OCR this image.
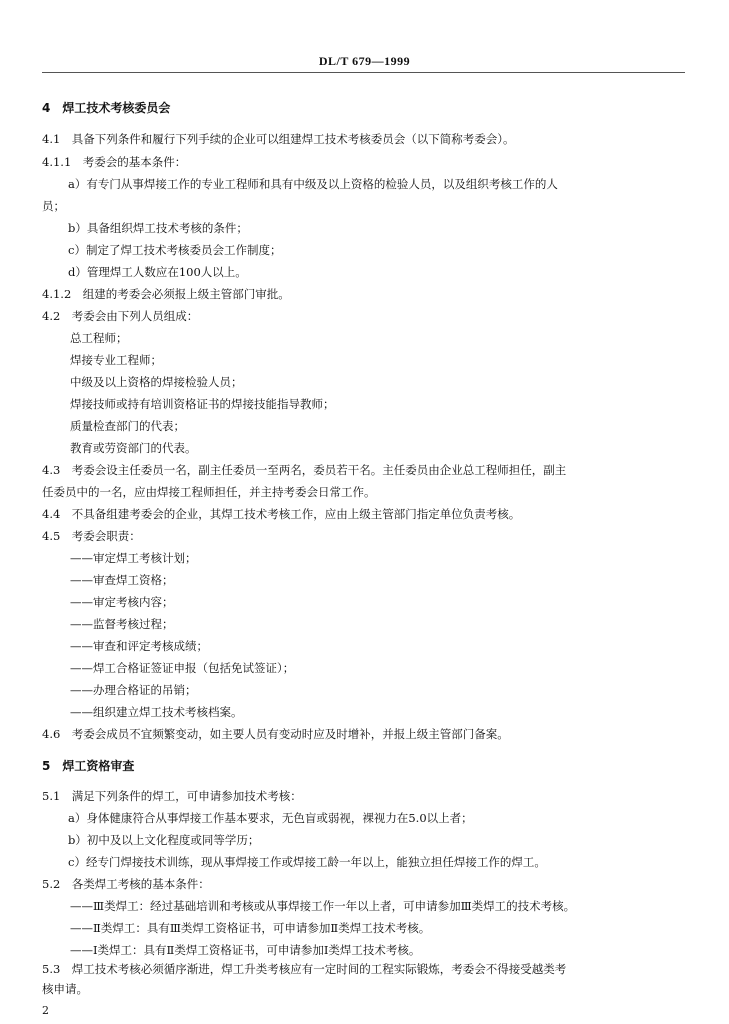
DL/T 679—1999
4　焊工技术考核委员会
4.1　具备下列条件和履行下列手续的企业可以组建焊工技术考核委员会（以下简称考委会）。
4.1.1　考委会的基本条件：
a）有专门从事焊接工作的专业工程师和具有中级及以上资格的检验人员，以及组织考核工作的人
员；
b）具备组织焊工技术考核的条件；
c）制定了焊工技术考核委员会工作制度；
d）管理焊工人数应在100人以上。
4.1.2　组建的考委会必须报上级主管部门审批。
4.2　考委会由下列人员组成：
总工程师；
焊接专业工程师；
中级及以上资格的焊接检验人员；
焊接技师或持有培训资格证书的焊接技能指导教师；
质量检查部门的代表；
教育或劳资部门的代表。
4.3　考委会设主任委员一名，副主任委员一至两名，委员若干名。主任委员由企业总工程师担任，副主
任委员中的一名，应由焊接工程师担任，并主持考委会日常工作。
4.4　不具备组建考委会的企业，其焊工技术考核工作，应由上级主管部门指定单位负责考核。
4.5　考委会职责：
——审定焊工考核计划；
——审查焊工资格；
——审定考核内容；
——监督考核过程；
——审查和评定考核成绩；
——焊工合格证签证申报（包括免试签证）；
——办理合格证的吊销；
——组织建立焊工技术考核档案。
4.6　考委会成员不宜频繁变动，如主要人员有变动时应及时增补，并报上级主管部门备案。
5　焊工资格审查
5.1　满足下列条件的焊工，可申请参加技术考核：
a）身体健康符合从事焊接工作基本要求，无色盲或弱视，裸视力在5.0以上者；
b）初中及以上文化程度或同等学历；
c）经专门焊接技术训练，现从事焊接工作或焊接工龄一年以上，能独立担任焊接工作的焊工。
5.2　各类焊工考核的基本条件：
——Ⅲ类焊工：经过基础培训和考核或从事焊接工作一年以上者，可申请参加Ⅲ类焊工的技术考核。
——Ⅱ类焊工：具有Ⅲ类焊工资格证书，可申请参加Ⅱ类焊工技术考核。
——Ⅰ类焊工：具有Ⅱ类焊工资格证书，可申请参加Ⅰ类焊工技术考核。
5.3　焊工技术考核必须循序渐进，焊工升类考核应有一定时间的工程实际锻炼，考委会不得接受越类考
核申请。
2
